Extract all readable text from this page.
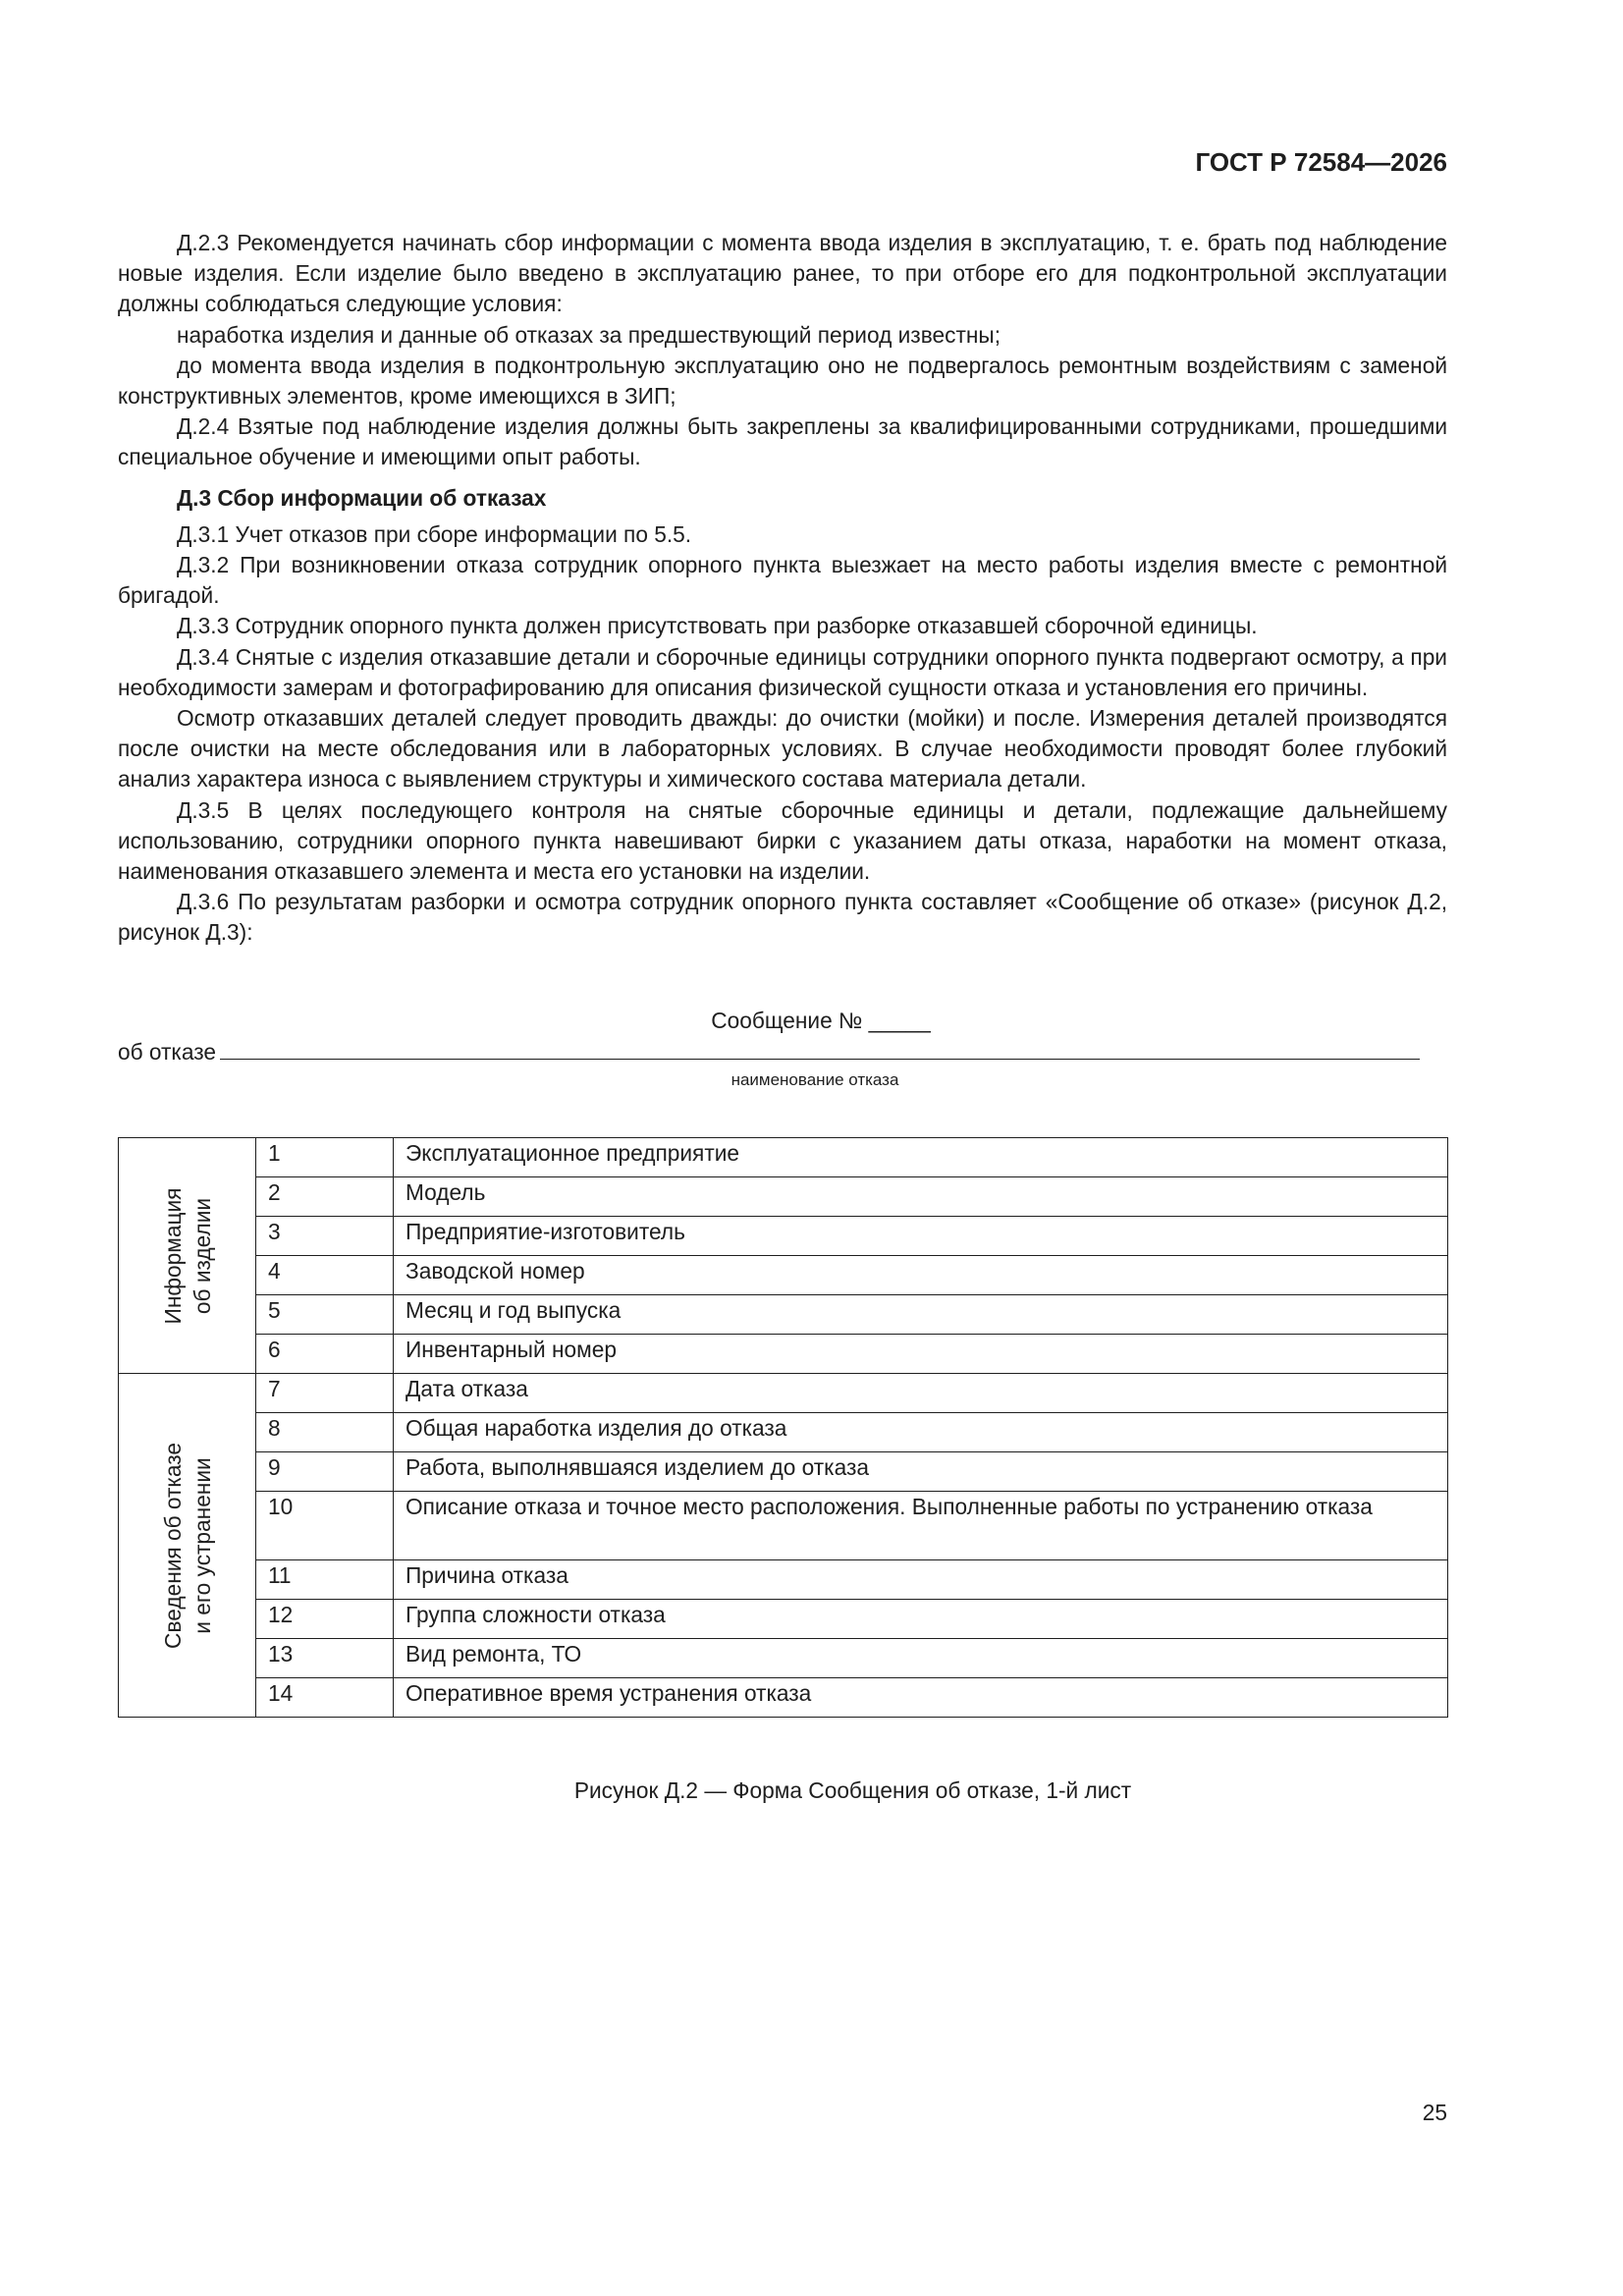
ГОСТ Р 72584—2026

Д.2.3 Рекомендуется начинать сбор информации с момента ввода изделия в эксплуатацию, т. е. брать под наблюдение новые изделия. Если изделие было введено в эксплуатацию ранее, то при отборе его для подконтрольной эксплуатации должны соблюдаться следующие условия:

наработка изделия и данные об отказах за предшествующий период известны;

до момента ввода изделия в подконтрольную эксплуатацию оно не подвергалось ремонтным воздействиям с заменой конструктивных элементов, кроме имеющихся в ЗИП;

Д.2.4 Взятые под наблюдение изделия должны быть закреплены за квалифицированными сотрудниками, прошедшими специальное обучение и имеющими опыт работы.

Д.3 Сбор информации об отказах

Д.3.1 Учет отказов при сборе информации по 5.5.

Д.3.2 При возникновении отказа сотрудник опорного пункта выезжает на место работы изделия вместе с ремонтной бригадой.

Д.3.3 Сотрудник опорного пункта должен присутствовать при разборке отказавшей сборочной единицы.

Д.3.4 Снятые с изделия отказавшие детали и сборочные единицы сотрудники опорного пункта подвергают осмотру, а при необходимости замерам и фотографированию для описания физической сущности отказа и установления его причины.

Осмотр отказавших деталей следует проводить дважды: до очистки (мойки) и после. Измерения деталей производятся после очистки на месте обследования или в лабораторных условиях. В случае необходимости проводят более глубокий анализ характера износа с выявлением структуры и химического состава материала детали.

Д.3.5 В целях последующего контроля на снятые сборочные единицы и детали, подлежащие дальнейшему использованию, сотрудники опорного пункта навешивают бирки с указанием даты отказа, наработки на момент отказа, наименования отказавшего элемента и места его установки на изделии.

Д.3.6 По результатам разборки и осмотра сотрудник опорного пункта составляет «Сообщение об отказе» (рисунок Д.2, рисунок Д.3):

Сообщение № _____
об отказе
наименование отказа
Информация об изделии	1	Эксплуатационное предприятие
	2	Модель
	3	Предприятие-изготовитель
	4	Заводской номер
	5	Месяц и год выпуска
	6	Инвентарный номер

Сведения об отказе и его устранении	7	Дата отказа
	8	Общая наработка изделия до отказа
	9	Работа, выполнявшаяся изделием до отказа
	10	Описание отказа и точное место расположения. Выполненные работы по устранению отказа
	11	Причина отказа
	12	Группа сложности отказа
	13	Вид ремонта, ТО
	14	Оперативное время устранения отказа
Рисунок Д.2 — Форма Сообщения об отказе, 1-й лист
25
